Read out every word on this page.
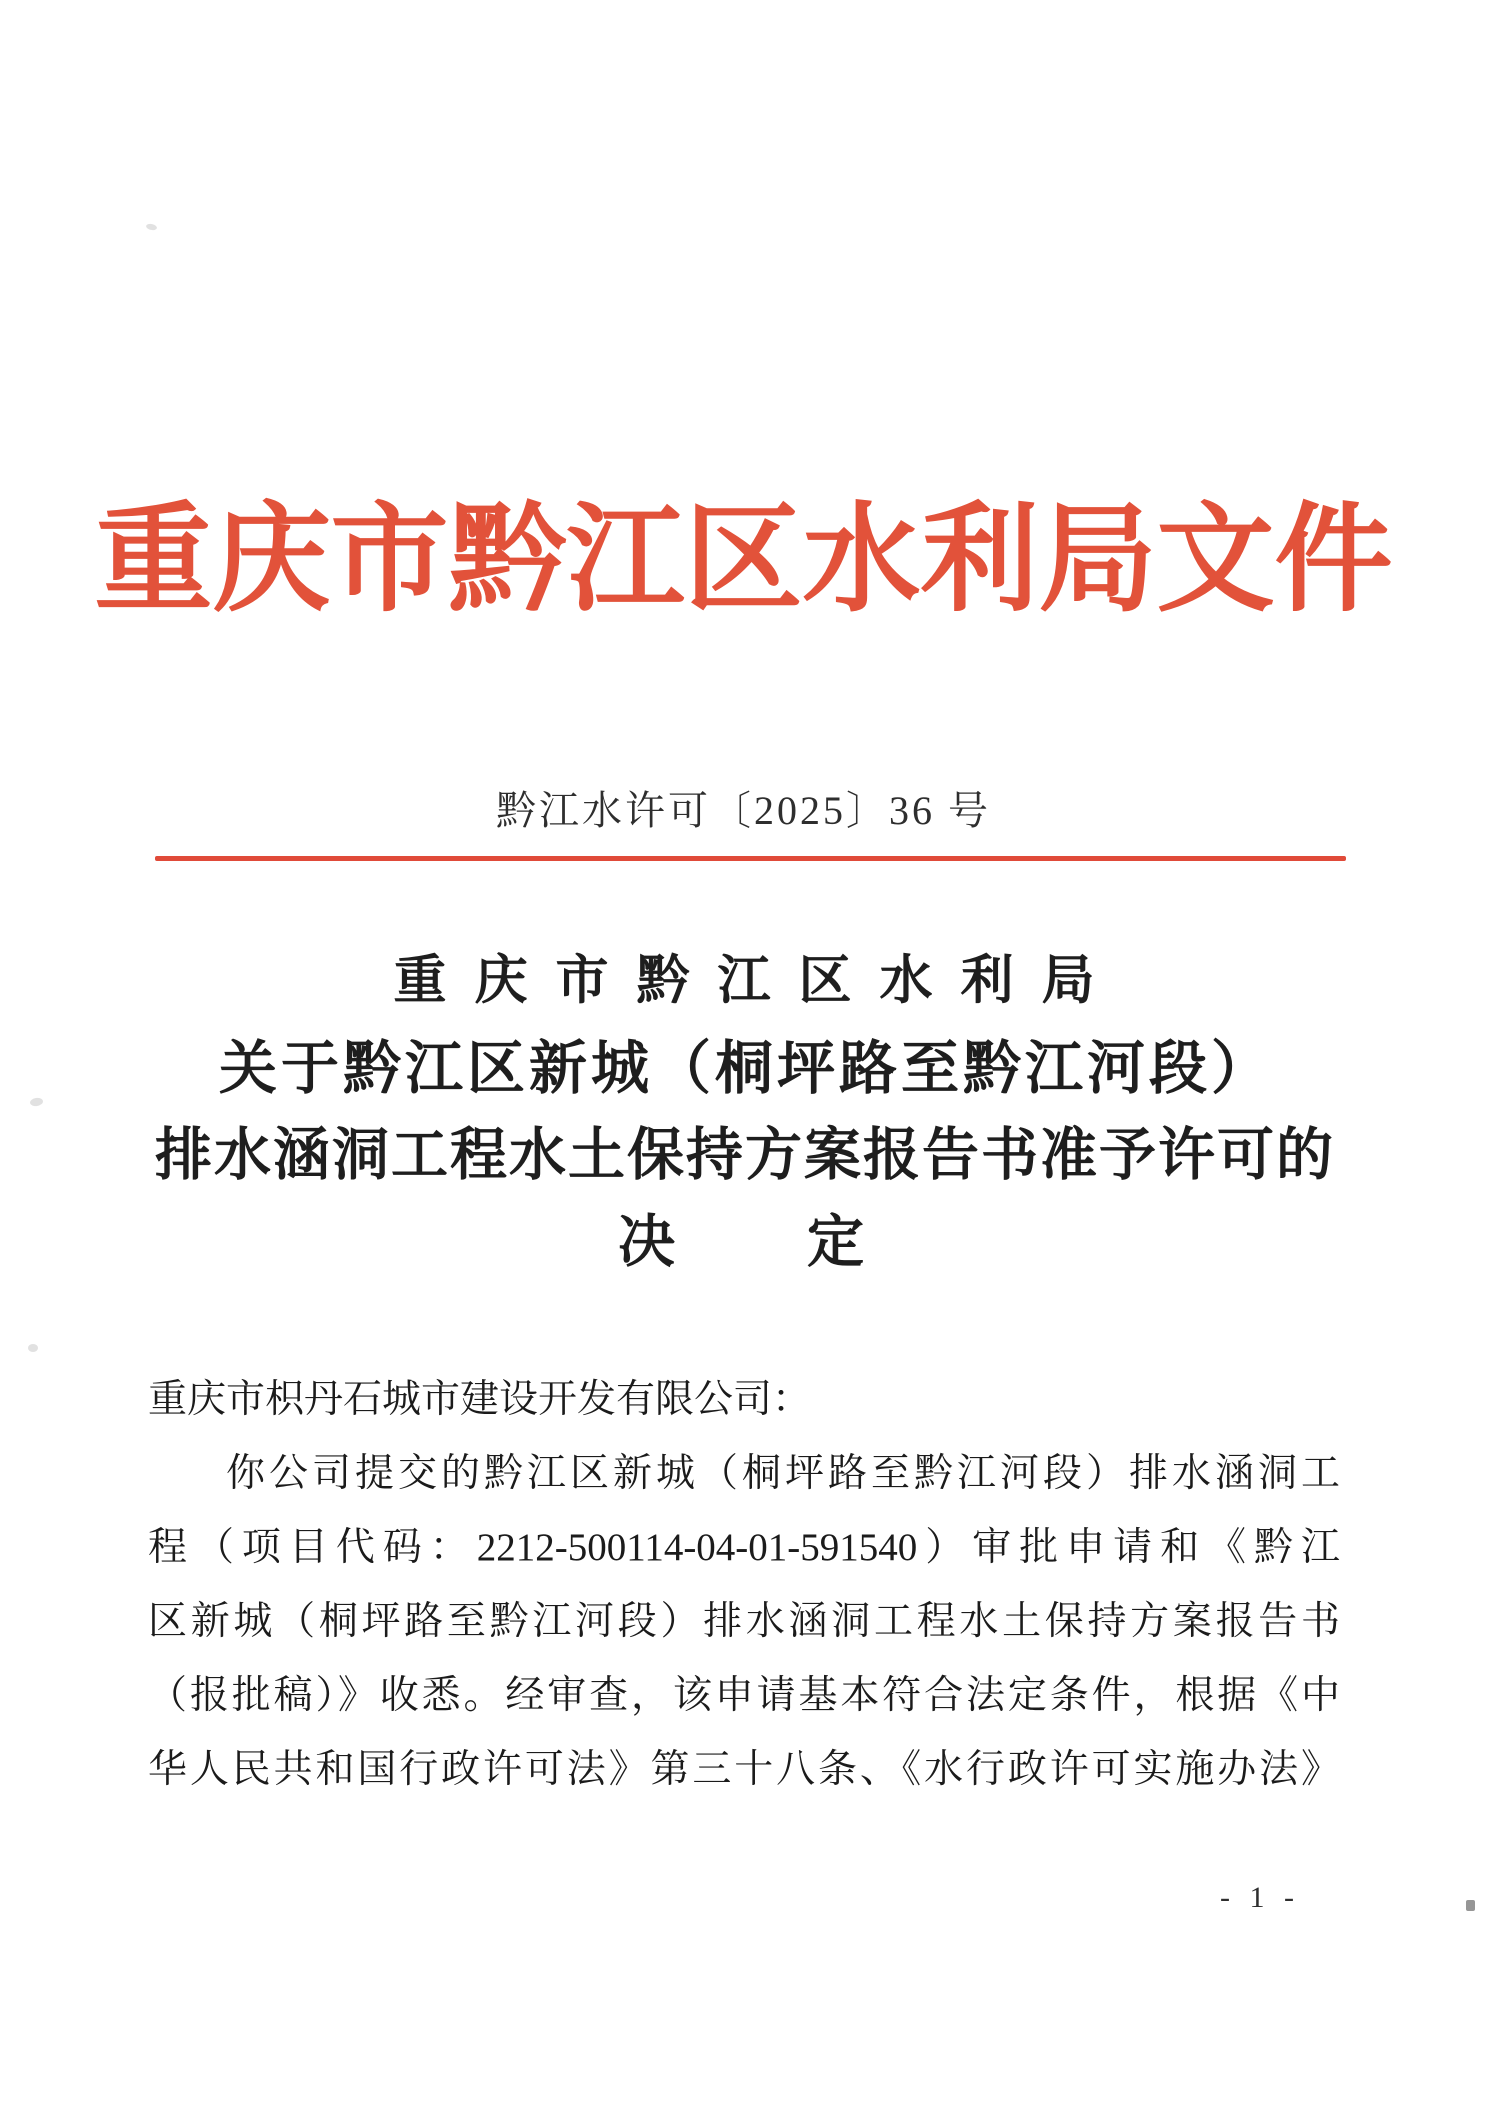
重庆市黔江区水利局文件
黔江水许可〔2025〕36 号
重庆市黔江区水利局
关于黔江区新城（桐坪路至黔江河段）
排水涵洞工程水土保持方案报告书准予许可的
决　　定
重庆市枳丹石城市建设开发有限公司：
你公司提交的黔江区新城（桐坪路至黔江河段）排水涵洞工
程（项目代码：2212-500114-04-01-591540）审批申请和《黔江
区新城（桐坪路至黔江河段）排水涵洞工程水土保持方案报告书
（报批稿）》收悉。经审查，该申请基本符合法定条件，根据《中
华人民共和国行政许可法》第三十八条、《水行政许可实施办法》
- 1 -
